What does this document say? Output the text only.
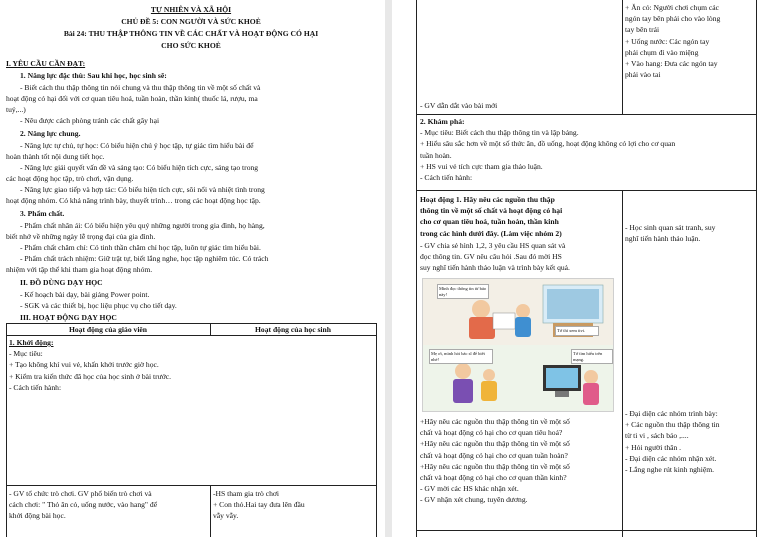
TỰ NHIÊN VÀ XÃ HỘI
CHỦ ĐỀ 5: CON NGƯỜI VÀ SỨC KHOẺ
Bài 24: THU THẬP THÔNG TIN VỀ CÁC CHẤT VÀ HOẠT ĐỘNG CÓ HẠI
CHO SỨC KHOẺ
I. YÊU CẦU CẦN ĐẠT:
1. Năng lực đặc thù: Sau khi học, học sinh sẽ:
- Biết cách thu thập thông tin nói chung và thu thập thông tin về một số chất và
hoạt động có hại đối với cơ quan tiêu hoá, tuần hoàn, thần kinh( thuốc lá, rượu, ma
tuý,...)
- Nêu được cách phòng tránh các chất gây hại
2. Năng lực chung.
- Năng lực tự chủ, tự học: Có biểu hiện chú ý học tập, tự giác tìm hiểu bài để
hoàn thành tốt nội dung tiết học.
- Năng lực giải quyết vấn đề và sáng tạo: Có biểu hiện tích cực, sáng tạo trong
các hoạt động học tập, trò chơi, vận dụng.
- Năng lực giao tiếp và hợp tác: Có biểu hiện tích cực, sôi nổi và nhiệt tình trong
hoạt động nhóm. Có khả năng trình bày, thuyết trình… trong các hoạt động học tập.
3. Phẩm chất.
- Phẩm chất nhân ái: Có biểu hiện yêu quý những người trong gia đình, họ hàng,
biết nhớ về những ngày lễ trọng đại của gia đình.
- Phẩm chất chăm chỉ: Có tinh thần chăm chỉ học tập, luôn tự giác tìm hiểu bài.
- Phẩm chất trách nhiệm: Giữ trật tự, biết lắng nghe, học tập nghiêm túc. Có trách
nhiệm với tập thể khi tham gia hoạt động nhóm.
II. ĐỒ DÙNG DẠY HỌC
- Kế hoạch bài dạy, bài giảng Power point.
- SGK và các thiết bị, học liệu phục vụ cho tiết dạy.
III. HOẠT ĐỘNG DẠY HỌC
Hoạt động của giáo viên	Hoạt động của học sinh
1. Khởi động:
- Mục tiêu:
+ Tạo không khí vui vẻ, khấn khởi trước giờ học.
+ Kiểm tra kiến thức đã học của học sinh ở bài trước.
- Cách tiến hành:
- GV tổ chức trò chơi. GV phổ biến trò chơi và
cách chơi: " Thỏ ăn cỏ, uống nước, vào hang" để
khởi động bài học.
-HS tham gia trò chơi
+ Con thỏ.Hai tay đưa lên đầu
vẫy vẫy.
- GV dẫn dắt vào bài mới
+ Ăn cỏ: Người chơi chụm các
ngón tay bên phải cho vào lòng
tay bên trái
+ Uống nước: Các ngón tay
phải chụm đi vào miệng
+ Vào hang: Đưa các ngón tay
phải vào tai
2. Khám phá:
- Mục tiêu: Biết cách thu thập thông tin và lập bảng.
+ Hiểu sâu sắc hơn về một số thức ăn, đồ uống, hoạt động không có lợi cho cơ quan
tuần hoàn.
+ HS vui vẻ tích cực tham gia thảo luận.
- Cách tiến hành:
Hoạt động 1. Hãy nêu các nguồn thu thập
thông tin về một số chất và hoạt động có hại
cho cơ quan tiêu hoá, tuần hoàn, thần kinh
trong các hình dưới đây. (Làm việc nhóm 2)
- GV chia sẻ hình 1,2, 3 yêu cầu HS quan sát và
đọc thông tin. GV nêu câu hỏi .Sau đó mời HS
suy nghĩ tiến hành thảo luận và trình bày kết quả.
Mình đọc thông tin từ báo này!
Tớ thì xem tivi.
Mẹ ơi, mình hỏi bác sĩ để biết nhé!
Tớ tìm hiểu trên mạng.
+Hãy nêu các nguồn thu thập thông tin về một số
chất và hoạt động có hại cho cơ quan tiêu hoá?
+Hãy nêu các nguồn thu thập thông tin về một số
chất và hoạt động có hại cho cơ quan tuần hoàn?
+Hãy nêu các nguồn thu thập thông tin về một số
chất và hoạt động có hại cho cơ quan thần kinh?
- GV mời các HS khác nhận xét.
- GV nhận xét chung, tuyên dương.
- Học sinh quan sát tranh, suy
nghĩ tiến hành thảo luận.
- Đại diện các nhóm trình bày:
+ Các nguồn thu thập thông tin
từ ti vi , sách báo ,....
+ Hỏi người thân .
- Đại diện các nhóm nhận xét.
- Lắng nghe rút kinh nghiệm.
